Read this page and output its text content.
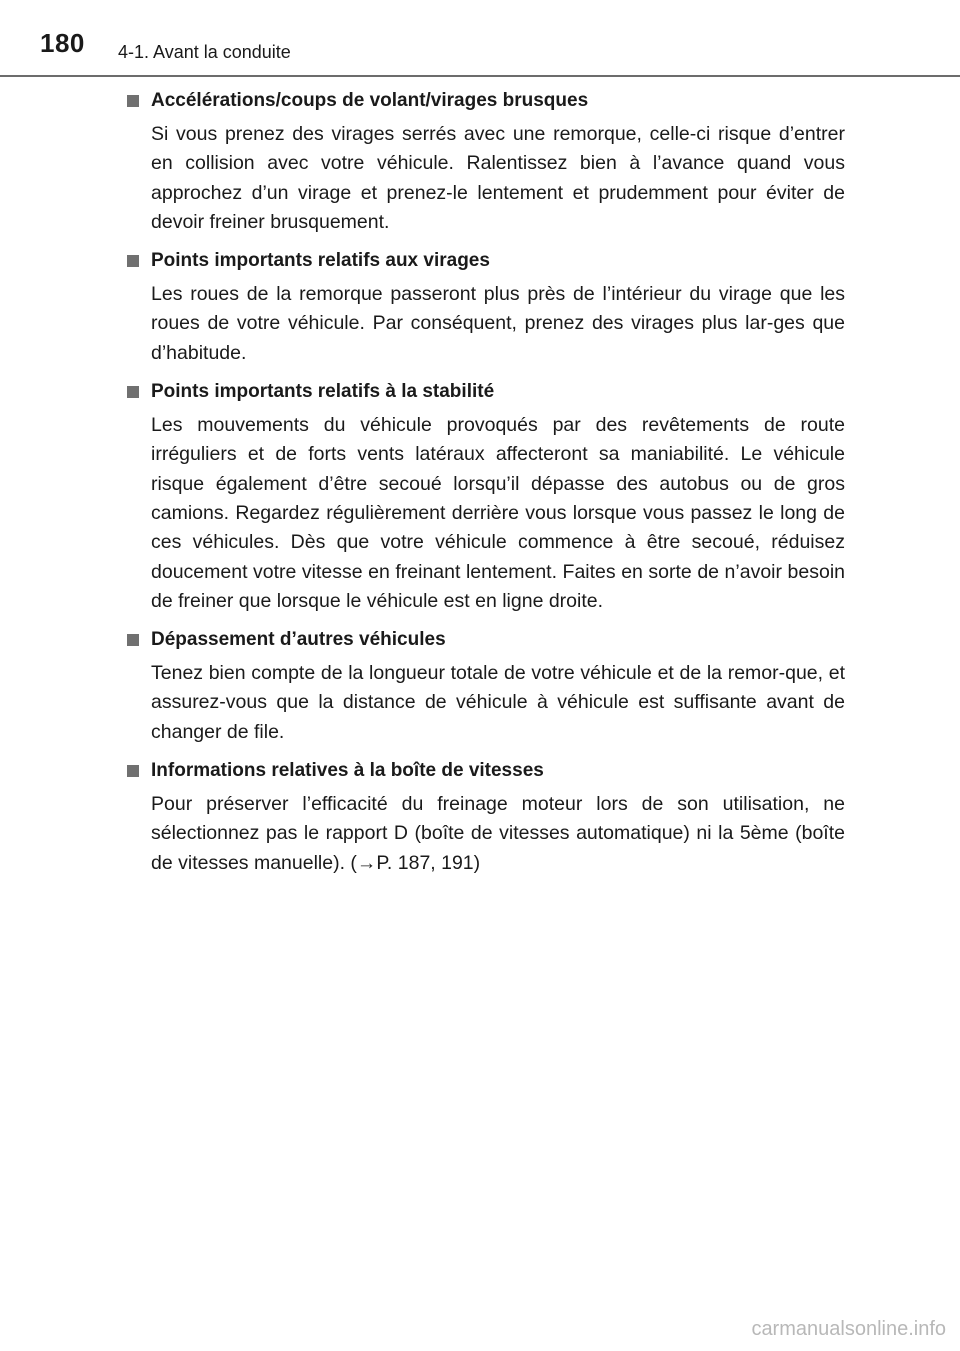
180 4-1. Avant la conduite
Accélérations/coups de volant/virages brusques

Si vous prenez des virages serrés avec une remorque, celle-ci risque d’entrer en collision avec votre véhicule. Ralentissez bien à l’avance quand vous approchez d’un virage et prenez-le lentement et prudemment pour éviter de devoir freiner brusquement.

Points importants relatifs aux virages

Les roues de la remorque passeront plus près de l’intérieur du virage que les roues de votre véhicule. Par conséquent, prenez des virages plus lar-ges que d’habitude.

Points importants relatifs à la stabilité

Les mouvements du véhicule provoqués par des revêtements de route irréguliers et de forts vents latéraux affecteront sa maniabilité. Le véhicule risque également d’être secoué lorsqu’il dépasse des autobus ou de gros camions. Regardez régulièrement derrière vous lorsque vous passez le long de ces véhicules. Dès que votre véhicule commence à être secoué, réduisez doucement votre vitesse en freinant lentement. Faites en sorte de n’avoir besoin de freiner que lorsque le véhicule est en ligne droite.

Dépassement d’autres véhicules

Tenez bien compte de la longueur totale de votre véhicule et de la remor-que, et assurez-vous que la distance de véhicule à véhicule est suffisante avant de changer de file.

Informations relatives à la boîte de vitesses

Pour préserver l’efficacité du freinage moteur lors de son utilisation, ne sélectionnez pas le rapport D (boîte de vitesses automatique) ni la 5ème (boîte de vitesses manuelle). (→P. 187, 191)

carmanualsonline.info
